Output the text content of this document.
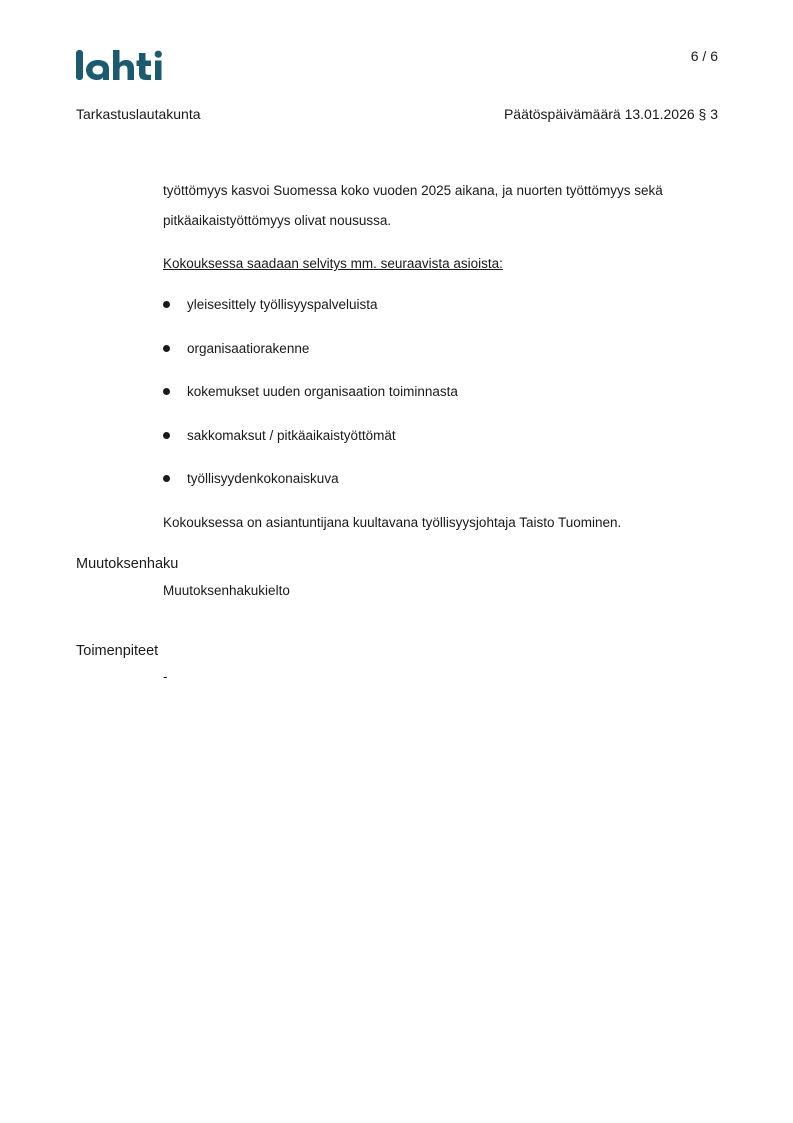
6 / 6
Tarkastuslautakunta	Päätöspäivämäärä 13.01.2026 § 3
työttömyys kasvoi Suomessa koko vuoden 2025 aikana, ja nuorten työttömyys sekä pitkäaikaistyöttömyys olivat nousussa.
Kokouksessa saadaan selvitys mm. seuraavista asioista:
yleisesittely työllisyyspalveluista
organisaatiorakenne
kokemukset uuden organisaation toiminnasta
sakkomaksut / pitkäaikaistyöttömät
työllisyydenkokonaiskuva
Kokouksessa on asiantuntijana kuultavana työllisyysjohtaja Taisto Tuominen.
Muutoksenhaku
Muutoksenhakukielto
Toimenpiteet
-
